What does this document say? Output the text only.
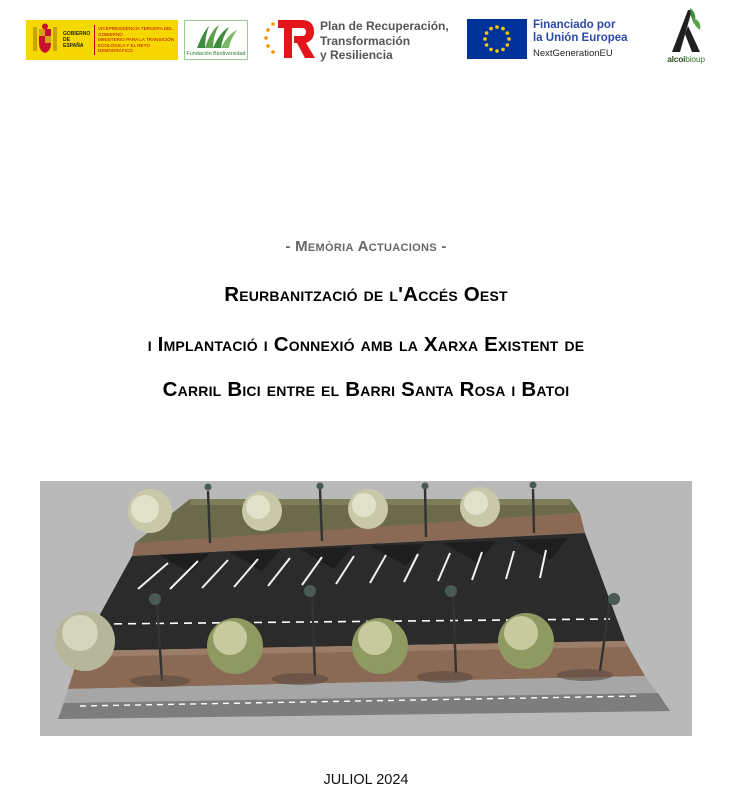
GOBIERNO DE ESPAÑA
VICEPRESIDENCIA TERCERA DEL GOBIERNO
MINISTERIO PARA LA TRANSICIÓN ECOLÓGICA Y EL RETO DEMOGRÁFICO
Fundación Biodiversidad
Plan de Recuperación,
Transformación
y Resiliencia
Financiado por
la Unión Europea
NextGenerationEU	alcoibioup
- Memòria Actuacions -
Reurbanització de l'Accés Oest
i Implantació i Connexió amb la Xarxa Existent de
Carril Bici entre el Barri Santa Rosa i Batoi
JULIOL 2024
